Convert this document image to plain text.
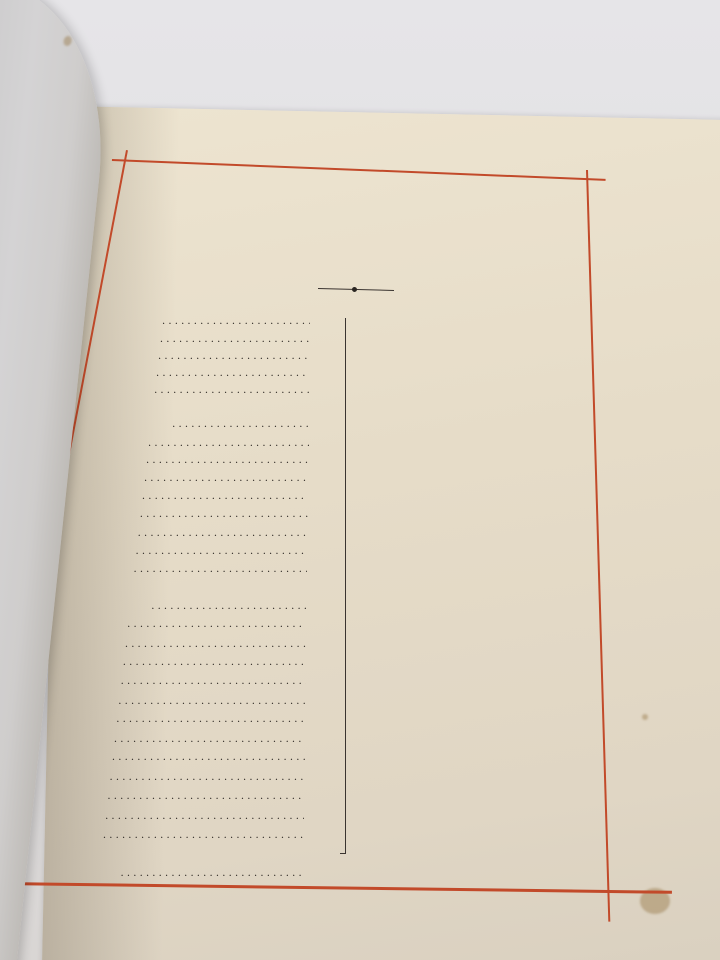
. . .
. . .
. . .
. . .
. . .
. . .
. . .
. . .
. . .
. . .
. . .
. . .
. . .
. . .
. . .
. . .
. . .
. . .
. . .
. . .
. . .
. . .
. . .
. . .
. . .
. . .
. . .
. . .
